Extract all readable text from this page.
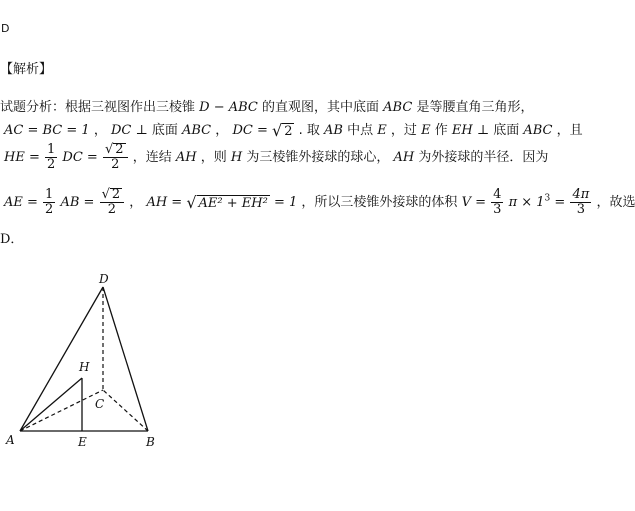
D
【解析】
试题分析：根据三视图作出三棱锥 D − ABC 的直观图，其中底面 ABC 是等腰直角三角形，
AC = BC = 1 ， DC ⊥ 底面 ABC ， DC = √ 2 . 取 AB 中点 E ，过 E 作 EH ⊥ 底面 ABC ，且
HE = $\frac{1}{2}$ DC = $\frac{√ 2}{2}$ ，连结 AH ，则 H 为三棱锥外接球的球心， AH 为外接球的半径．因为
AE = $\frac{1}{2}$ AB = $\frac{√ 2}{2}$ ， AH = √ AE² + EH² = 1 ，所以三棱锥外接球的体积 $V = \frac{4}{3}$ $\pi \times 1^3 = \frac{4\pi}{3}$ ，故选
D．
D
H
C
A	E	B
